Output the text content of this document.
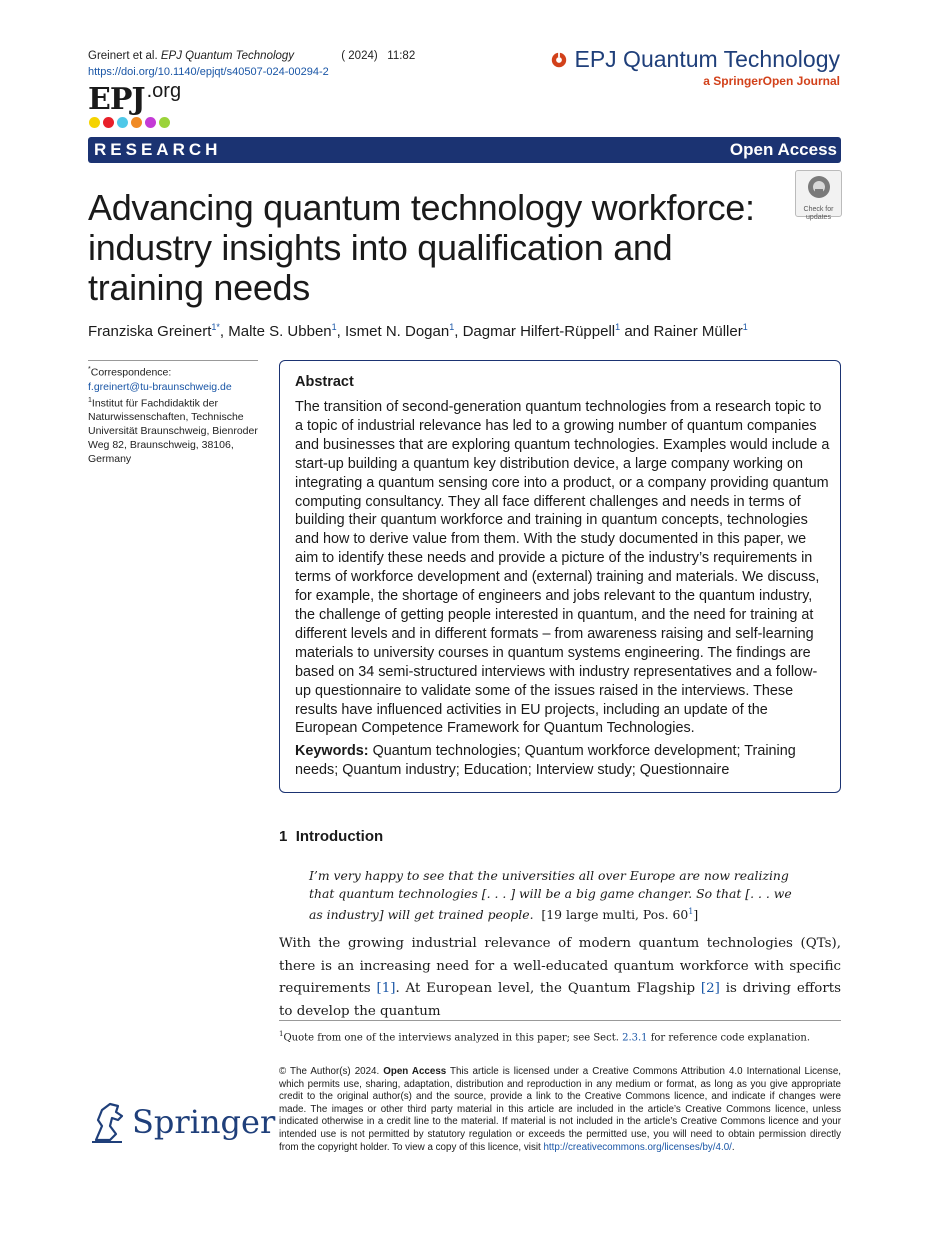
Greinert et al. EPJ Quantum Technology	( 2024)   11:82
https://doi.org/10.1140/epjqt/s40507-024-00294-2
EPJ .org
EPJ Quantum Technology
a SpringerOpen Journal
RESEARCH	Open Access
Advancing quantum technology workforce: industry insights into qualification and training needs
Check for updates
Franziska Greinert$^{1*}$, Malte S. Ubben$^1$, Ismet N. Dogan$^1$, Dagmar Hilfert-Rüppell$^1$ and Rainer Müller$^1$
*Correspondence:
f.greinert@tu-braunschweig.de
$^1$Institut für Fachdidaktik der Naturwissenschaften, Technische Universität Braunschweig, Bienroder Weg 82, Braunschweig, 38106, Germany
Abstract
The transition of second-generation quantum technologies from a research topic to a topic of industrial relevance has led to a growing number of quantum companies and businesses that are exploring quantum technologies. Examples would include a start-up building a quantum key distribution device, a large company working on integrating a quantum sensing core into a product, or a company providing quantum computing consultancy. They all face different challenges and needs in terms of building their quantum workforce and training in quantum concepts, technologies and how to derive value from them. With the study documented in this paper, we aim to identify these needs and provide a picture of the industry’s requirements in terms of workforce development and (external) training and materials. We discuss, for example, the shortage of engineers and jobs relevant to the quantum industry, the challenge of getting people interested in quantum, and the need for training at different levels and in different formats – from awareness raising and self-learning materials to university courses in quantum systems engineering. The findings are based on 34 semi-structured interviews with industry representatives and a follow-up questionnaire to validate some of the issues raised in the interviews. These results have influenced activities in EU projects, including an update of the European Competence Framework for Quantum Technologies.
Keywords: Quantum technologies; Quantum workforce development; Training needs; Quantum industry; Education; Interview study; Questionnaire
1 Introduction
I’m very happy to see that the universities all over Europe are now realizing that quantum technologies [. . . ] will be a big game changer. So that [. . . we as industry] will get trained people. [19 large multi, Pos. $60^1$]
With the growing industrial relevance of modern quantum technologies (QTs), there is an increasing need for a well-educated quantum workforce with specific requirements [1]. At European level, the Quantum Flagship [2] is driving efforts to develop the quantum
$^1$Quote from one of the interviews analyzed in this paper; see Sect. 2.3.1 for reference code explanation.
© The Author(s) 2024. Open Access This article is licensed under a Creative Commons Attribution 4.0 International License, which permits use, sharing, adaptation, distribution and reproduction in any medium or format, as long as you give appropriate credit to the original author(s) and the source, provide a link to the Creative Commons licence, and indicate if changes were made. The images or other third party material in this article are included in the article’s Creative Commons licence, unless indicated otherwise in a credit line to the material. If material is not included in the article’s Creative Commons licence and your intended use is not permitted by statutory regulation or exceeds the permitted use, you will need to obtain permission directly from the copyright holder. To view a copy of this licence, visit http://creativecommons.org/licenses/by/4.0/.
Springer
